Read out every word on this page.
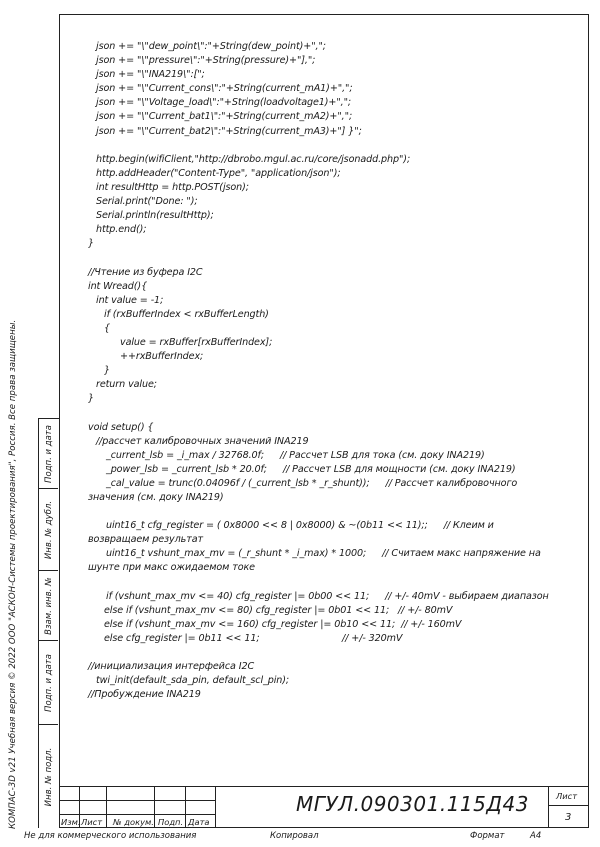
json += "\"dew_point\":"+String(dew_point)+",";
json += "\"pressure\":"+String(pressure)+"],";
json += "\"INA219\":[";
json += "\"Current_cons\":"+String(current_mA1)+",";
json += "\"Voltage_load\":"+String(loadvoltage1)+",";
json += "\"Current_bat1\":"+String(current_mA2)+",";
json += "\"Current_bat2\":"+String(current_mA3)+"] }";
http.begin(wifiClient,"http://dbrobo.mgul.ac.ru/core/jsonadd.php");
http.addHeader("Content-Type", "application/json");
int resultHttp = http.POST(json);
Serial.print("Done: ");
Serial.println(resultHttp);
http.end();
}
//Чтение из буфера I2C
int Wread(){
int value = -1;
if (rxBufferIndex < rxBufferLength)
{
value = rxBuffer[rxBufferIndex];
++rxBufferIndex;
}
return value;
}
void setup() {
//рассчет калибровочных значений INA219
_current_lsb = _i_max / 32768.0f; // Рассчет LSB для тока (см. доку INA219)
_power_lsb = _current_lsb * 20.0f; // Рассчет LSB для мощности (см. доку INA219)
_cal_value = trunc(0.04096f / (_current_lsb * _r_shunt)); // Рассчет калибровочного значения (см. доку INA219)
uint16_t cfg_register = ( 0x8000 << 8 | 0x8000) & ~(0b11 << 11);; // Клеим и возвращаем результат
uint16_t vshunt_max_mv = (_r_shunt * _i_max) * 1000; // Считаем макс напряжение на шунте при макс ожидаемом токе
if (vshunt_max_mv <= 40) cfg_register |= 0b00 << 11; // +/- 40mV - выбираем диапазон
else if (vshunt_max_mv <= 80) cfg_register |= 0b01 << 11;   // +/- 80mV
else if (vshunt_max_mv <= 160) cfg_register |= 0b10 << 11;  // +/- 160mV
else cfg_register |= 0b11 << 11;                            // +/- 320mV
//инициализация интерфейса I2C
twi_init(default_sda_pin, default_scl_pin);
//Пробуждение INA219
КОМПАС-3D v21 Учебная версия © 2022 ООО "АСКОН-Системы проектирования", Россия. Все права защищены.	Подп. и дата
Инв. № дубл.
Взам. инв. №
Подп. и дата
Инв. № подл.
Изм. Лист № докум. Подп. Дата
Лист
3
МГУЛ.090301.115Д43
Не для коммерческого использования	Копировал	Формат	А4
